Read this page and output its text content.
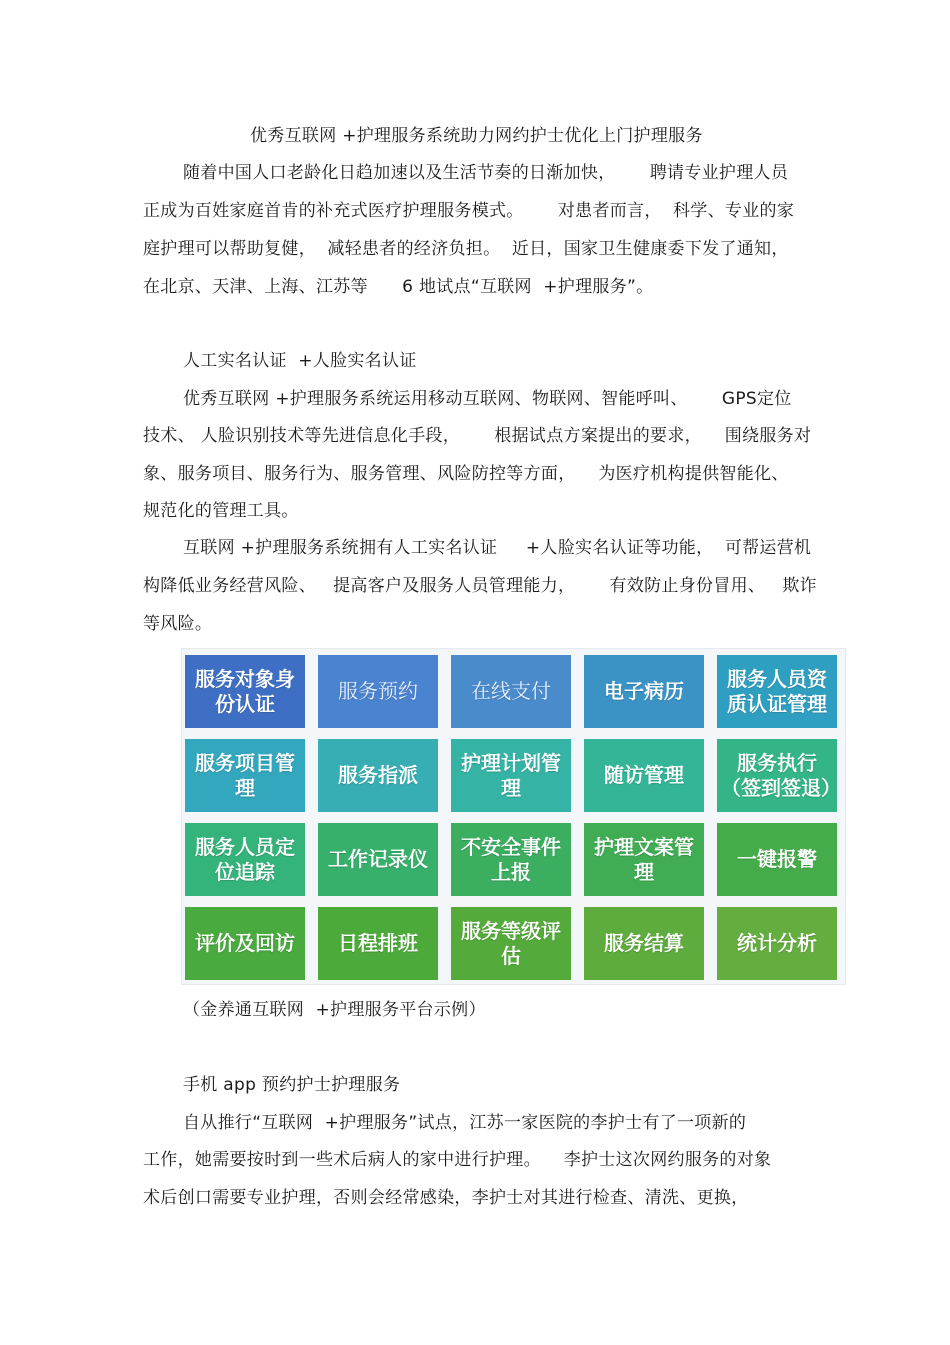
优秀互联网 +护理服务系统助力网约护士优化上门护理服务
随着中国人口老龄化日趋加速以及生活节奏的日渐加快，      聘请专业护理人员
正成为百姓家庭首肯的补充式医疗护理服务模式。      对患者而言，  科学、专业的家
庭护理可以帮助复健，  减轻患者的经济负担。  近日，国家卫生健康委下发了通知，
在北京、天津、上海、江苏等      6 地试点“互联网  +护理服务”。
人工实名认证  +人脸实名认证
优秀互联网 +护理服务系统运用移动互联网、物联网、智能呼叫、      GPS定位
技术、 人脸识别技术等先进信息化手段，      根据试点方案提出的要求，    围绕服务对
象、服务项目、服务行为、服务管理、风险防控等方面，    为医疗机构提供智能化、
规范化的管理工具。
互联网 +护理服务系统拥有人工实名认证     +人脸实名认证等功能，  可帮运营机
构降低业务经营风险、   提高客户及服务人员管理能力，      有效防止身份冒用、   欺诈
等风险。
服务对象身份认证
服务预约	在线支付	电子病历
服务人员资质认证管理
服务项目管理
服务指派
护理计划管理
随访管理
服务执行（签到签退）
服务人员定位追踪
工作记录仪
不安全事件上报
护理文案管理
一键报警
评价及回访	日程排班
服务等级评估
服务结算	统计分析
（金养通互联网  +护理服务平台示例）
手机 app 预约护士护理服务
自从推行“互联网  +护理服务”试点，江苏一家医院的李护士有了一项新的
工作，她需要按时到一些术后病人的家中进行护理。    李护士这次网约服务的对象
术后创口需要专业护理，否则会经常感染，李护士对其进行检查、清洗、更换，
